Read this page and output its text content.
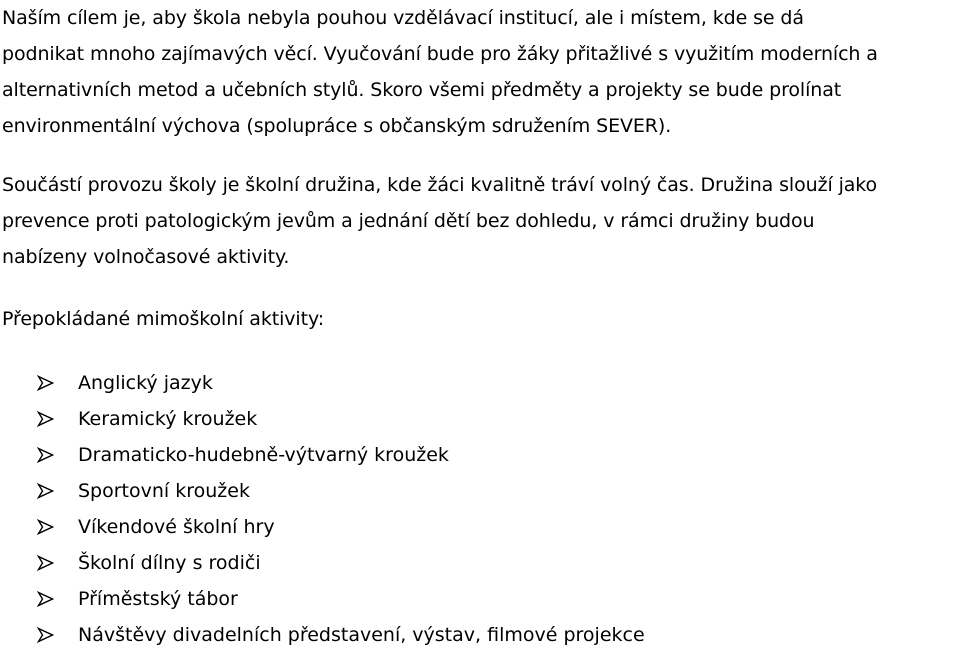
Naším cílem je, aby škola nebyla pouhou vzdělávací institucí, ale i místem, kde se dá
podnikat mnoho zajímavých věcí. Vyučování bude pro žáky přitažlivé s využitím moderních a
alternativních metod a učebních stylů. Skoro všemi předměty a projekty se bude prolínat
environmentální výchova (spolupráce s občanským sdružením SEVER).

Součástí provozu školy je školní družina, kde žáci kvalitně tráví volný čas. Družina slouží jako
prevence proti patologickým jevům a jednání dětí bez dohledu, v rámci družiny budou
nabízeny volnočasové aktivity.

Přepokládané mimoškolní aktivity:

Anglický jazyk
Keramický kroužek
Dramaticko-hudebně-výtvarný kroužek
Sportovní kroužek
Víkendové školní hry
Školní dílny s rodiči
Příměstský tábor
Návštěvy divadelních představení, výstav, filmové projekce
